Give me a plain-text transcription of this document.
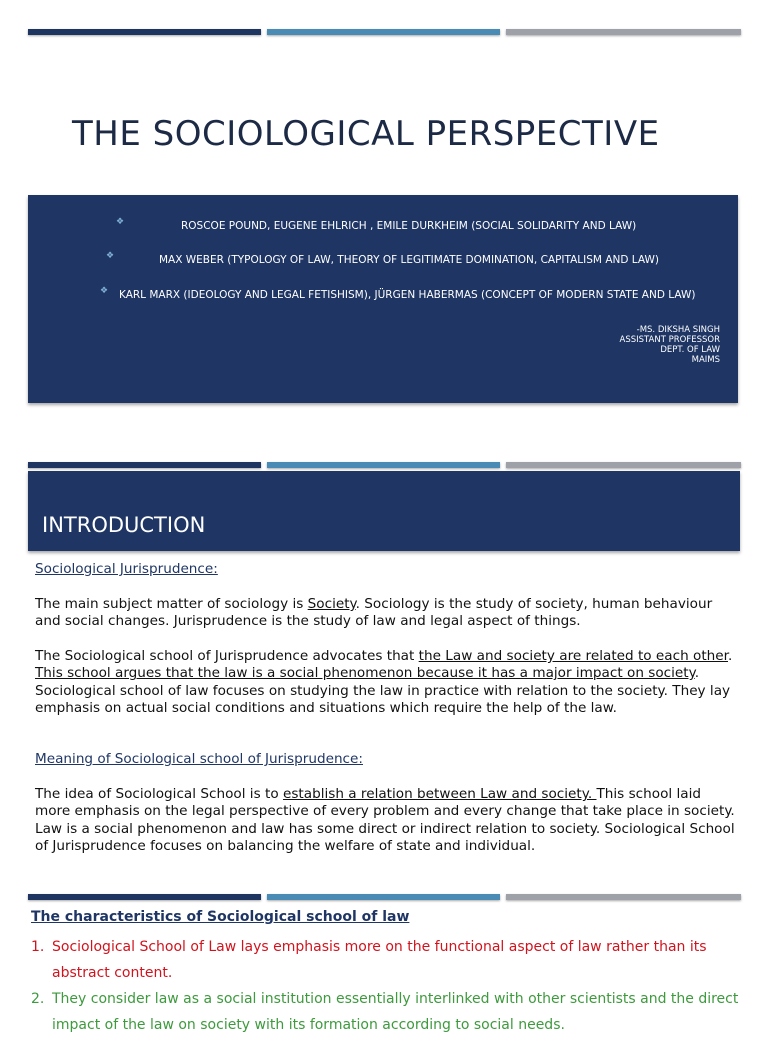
THE SOCIOLOGICAL PERSPECTIVE
❖	ROSCOE POUND, EUGENE EHLRICH , EMILE DURKHEIM (SOCIAL SOLIDARITY AND LAW)
❖	MAX WEBER (TYPOLOGY OF LAW, THEORY OF LEGITIMATE DOMINATION, CAPITALISM AND LAW)
❖ KARL MARX (IDEOLOGY AND LEGAL FETISHISM), JÜRGEN HABERMAS (CONCEPT OF MODERN STATE AND LAW)
-MS. DIKSHA SINGH
ASSISTANT PROFESSOR
DEPT. OF LAW
MAIMS
INTRODUCTION
Sociological Jurisprudence:

The main subject matter of sociology is Society. Sociology is the study of society, human behaviour and social changes. Jurisprudence is the study of law and legal aspect of things.

The Sociological school of Jurisprudence advocates that the Law and society are related to each other. This school argues that the law is a social phenomenon because it has a major impact on society. Sociological school of law focuses on studying the law in practice with relation to the society. They lay emphasis on actual social conditions and situations which require the help of the law.

Meaning of Sociological school of Jurisprudence:

The idea of Sociological School is to establish a relation between Law and society. This school laid more emphasis on the legal perspective of every problem and every change that take place in society. Law is a social phenomenon and law has some direct or indirect relation to society. Sociological School of Jurisprudence focuses on balancing the welfare of state and individual.

The characteristics of Sociological school of law
1. Sociological School of Law lays emphasis more on the functional aspect of law rather than its abstract content.
2. They consider law as a social institution essentially interlinked with other scientists and the direct impact of the law on society with its formation according to social needs.
